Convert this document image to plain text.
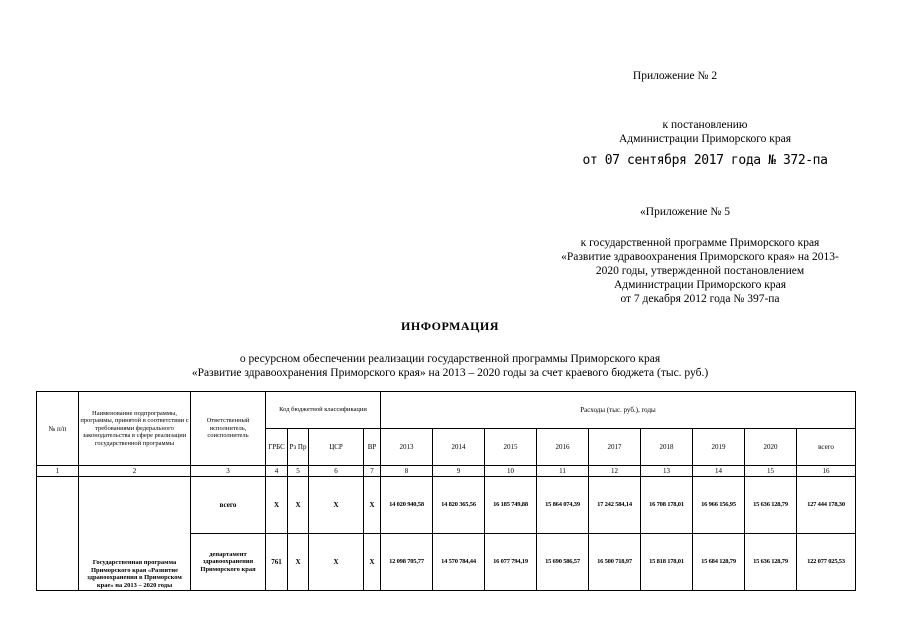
Приложение № 2
к постановлению
Администрации Приморского края
от 07 сентября 2017 года № 372-па
«Приложение № 5
к государственной программе Приморского края
«Развитие здравоохранения Приморского края» на 2013-
2020 годы, утвержденной постановлением
Администрации Приморского края
от 7 декабря 2012 года № 397-па
ИНФОРМАЦИЯ
о ресурсном обеспечении реализации государственной программы Приморского края
«Развитие здравоохранения Приморского края» на 2013 – 2020 годы за счет краевого бюджета (тыс. руб.)
№ п/п	Наименование подпрограммы, программы, принятой в соответствии с требованиями федерального законодательства в сфере реализации государственной программы	Ответственный исполнитель, соисполнитель	Код бюджетной классификации				Расходы (тыс. руб.), годы								
			ГРБС	Рз Пр	ЦСР	ВР	2013	2014	2015	2016	2017	2018	2019	2020	всего
1	2	3	4	5	6	7	8	9	10	11	12	13	14	15	16
	Государственная программа Приморского края «Развитие здравоохранения в Приморском крае» на 2013 – 2020 годы	всего	Х	Х	Х	Х	14 020 940,58	14 820 365,56	16 185 749,88	15 864 074,39	17 242 584,14	16 708 178,01	16 966 156,95	15 636 128,79	127 444 178,30
		департамент здравоохранения Приморского края	761	Х	Х	Х	12 098 705,77	14 570 784,44	16 077 794,19	15 690 586,57	16 500 718,97	15 818 178,01	15 684 128,79	15 636 128,79	122 077 025,53
